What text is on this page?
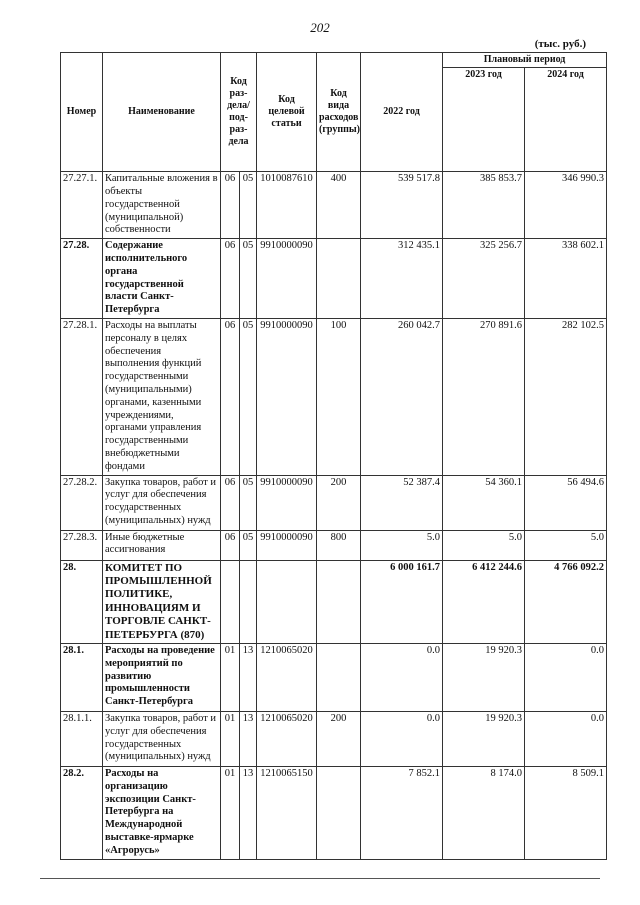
202
(тыс. руб.)
Номер	Наименование	Код раз-дела/ под-раз-дела		Код целевой статьи	Код вида расходов (группы)	2022 год	Плановый период	
							2023 год	2024 год
27.27.1.	Капитальные вложения в объекты государственной (муниципальной) собственности	06	05	1010087610	400	539 517.8	385 853.7	346 990.3
27.28.	Содержание исполнительного органа государственной власти Санкт-Петербурга	06	05	9910000090		312 435.1	325 256.7	338 602.1
27.28.1.	Расходы на выплаты персоналу в целях обеспечения выполнения функций государственными (муниципальными) органами, казенными учреждениями, органами управления государственными внебюджетными фондами	06	05	9910000090	100	260 042.7	270 891.6	282 102.5
27.28.2.	Закупка товаров, работ и услуг для обеспечения государственных (муниципальных) нужд	06	05	9910000090	200	52 387.4	54 360.1	56 494.6
27.28.3.	Иные бюджетные ассигнования	06	05	9910000090	800	5.0	5.0	5.0
28.	КОМИТЕТ ПО ПРОМЫШЛЕННОЙ ПОЛИТИКЕ, ИННОВАЦИЯМ И ТОРГОВЛЕ САНКТ-ПЕТЕРБУРГА (870)					6 000 161.7	6 412 244.6	4 766 092.2
28.1.	Расходы на проведение мероприятий по развитию промышленности Санкт-Петербурга	01	13	1210065020		0.0	19 920.3	0.0
28.1.1.	Закупка товаров, работ и услуг для обеспечения государственных (муниципальных) нужд	01	13	1210065020	200	0.0	19 920.3	0.0
28.2.	Расходы на организацию экспозиции Санкт-Петербурга на Международной выставке-ярмарке «Агрорусь»	01	13	1210065150		7 852.1	8 174.0	8 509.1
